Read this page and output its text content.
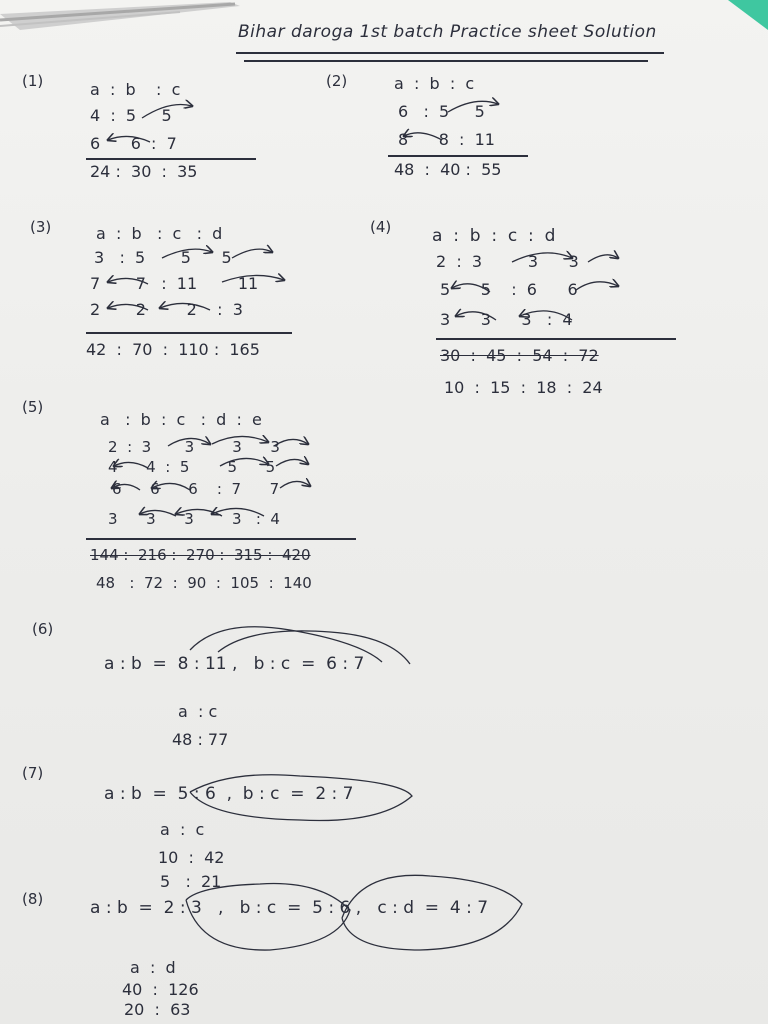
Bihar daroga 1st batch Practice sheet Solution
(1)	a  :  b    :  c
4  :  5     5
6      6  :  7
24 :  30  :  35
(2)	a  :  b  :  c
6   :  5     5
8      8  :  11
48  :  40 :  55
(3)	a  :  b   :  c   :  d
3   :  5       5      5
7       7   :  11        11
2       2        2    :  3
42  :  70  :  110 :  165
(4) a  :  b  :  c  :  d
2  :  3         3      3
5      5    :  6      6
3      3      3   :  4
30  :  45  :  54  :  72
10  :  15  :  18  :  24
(5)
a   :  b  :  c   :  d  :  e
2  :  3       3        3      3
4      4  :  5        5      5
6      6      6    :  7      7
3      3      3        3   :  4
144 :  216 :  270 :  315 :  420
48   :  72  :  90  :  105  :  140
(6)
a : b  =  8 : 11 ,   b : c  =  6 : 7
a  : c
48 : 77
(7)
a : b  =  5 : 6  ,  b : c  =  2 : 7
a  :  c
10  :  42
5   :  21
(8)	a : b  =  2 : 3   ,   b : c  =  5 : 6 ,   c : d  =  4 : 7
a  :  d
40  :  126
20  :  63
